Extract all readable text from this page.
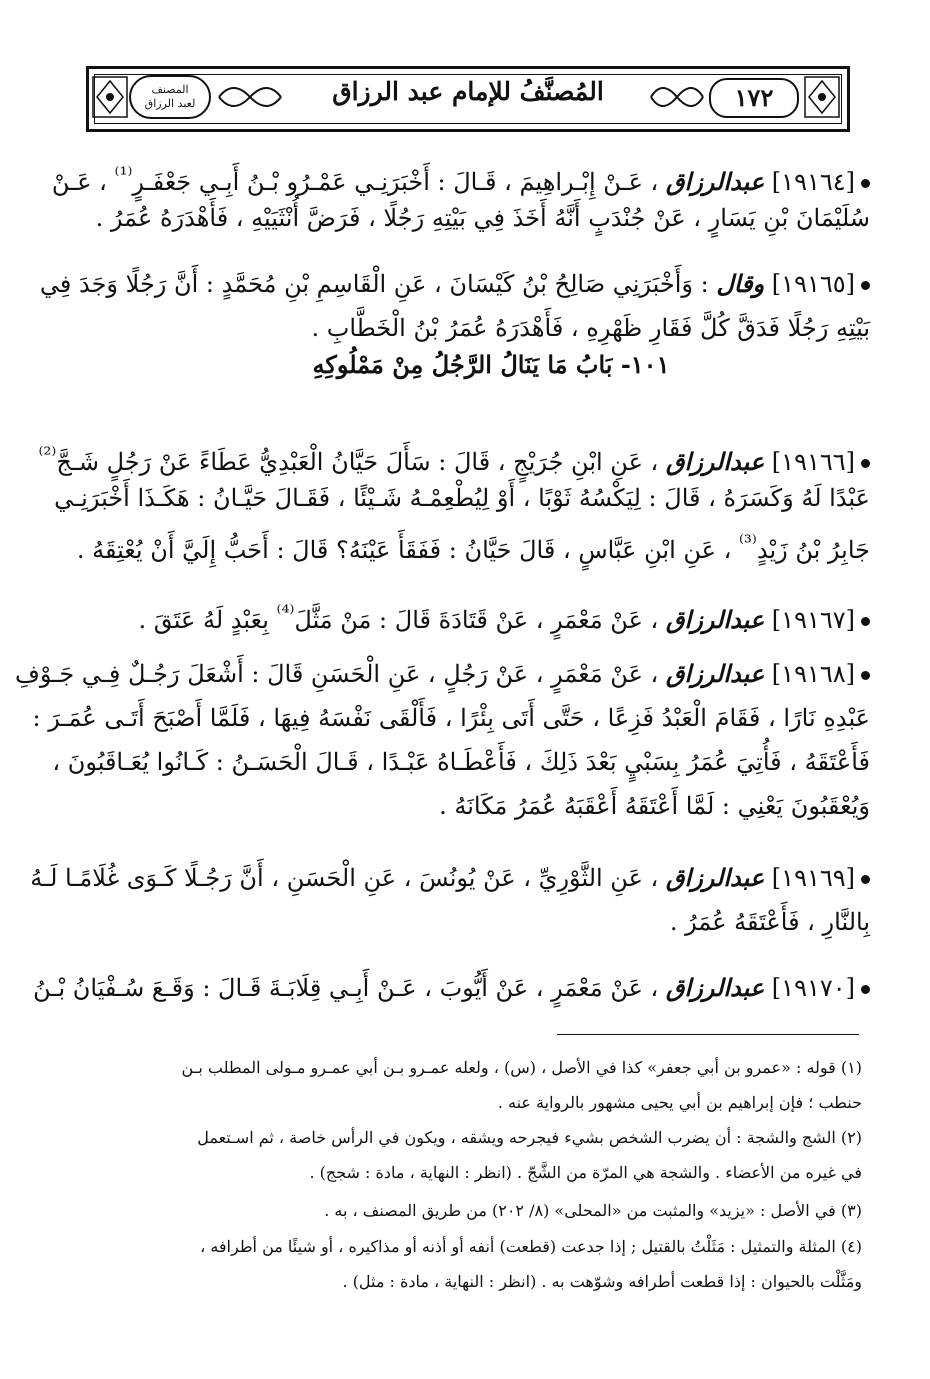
المصنف
لعبد الرزاق	المُصنَّفُ للإمام عبد الرزاق	١٧٢
[١٩١٦٤] عبدالرزاق ، عَـنْ إِبْـراهِيمَ ، قَـالَ : أَخْبَرَنِـي عَمْـرُو بْـنُ أَبِـي جَعْفَـرٍ$^{^{(1)}}$ ، عَـنْ
سُلَيْمَانَ بْنِ يَسَارٍ ، عَنْ جُنْدَبٍ أَنَّهُ أَخَذَ فِي بَيْتِهِ رَجُلًا ، فَرَضَّ أُنْثَيَيْهِ ، فَأَهْدَرَهُ عُمَرُ .
[١٩١٦٥] وقال : وَأَخْبَرَنِي صَالِحُ بْنُ كَيْسَانَ ، عَنِ الْقَاسِمِ بْنِ مُحَمَّدٍ : أَنَّ رَجُلًا وَجَدَ فِي
بَيْتِهِ رَجُلًا فَدَقَّ كُلَّ فَقَارِ ظَهْرِهِ ، فَأَهْدَرَهُ عُمَرُ بْنُ الْخَطَّابِ .
١٠١- بَابُ مَا يَنَالُ الرَّجُلُ مِنْ مَمْلُوكِهِ
[١٩١٦٦] عبدالرزاق ، عَنِ ابْنِ جُرَيْجٍ ، قَالَ : سَأَلَ حَيَّانُ الْعَبْدِيُّ عَطَاءً عَنْ رَجُلٍ شَـجَّ$^{^{(2)}}$
عَبْدًا لَهُ وَكَسَرَهُ ، قَالَ : لِيَكْسُهُ ثَوْبًا ، أَوْ لِيُطْعِمْـهُ شَـيْئًا ، فَقَـالَ حَيَّـانُ : هَكَـذَا أَخْبَرَنِـي
جَابِرُ بْنُ زَيْدٍ$^{^{(3)}}$ ، عَنِ ابْنِ عَبَّاسٍ ، قَالَ حَيَّانُ : فَفَقَأَ عَيْنَهُ؟ قَالَ : أَحَبُّ إِلَيَّ أَنْ يُعْتِقَهُ .
[١٩١٦٧] عبدالرزاق ، عَنْ مَعْمَرٍ ، عَنْ قَتَادَةَ قَالَ : مَنْ مَثَّلَ$^{^{(4)}}$ بِعَبْدٍ لَهُ عَتَقَ .
[١٩١٦٨] عبدالرزاق ، عَنْ مَعْمَرٍ ، عَنْ رَجُلٍ ، عَنِ الْحَسَنِ قَالَ : أَشْعَلَ رَجُـلٌ فِـي جَـوْفِ
عَبْدِهِ نَارًا ، فَقَامَ الْعَبْدُ فَزِعًا ، حَتَّى أَتَى بِئْرًا ، فَأَلْقَى نَفْسَهُ فِيهَا ، فَلَمَّا أَصْبَحَ أَتَـى عُمَـرَ :
فَأَعْتَقَهُ ، فَأُتِيَ عُمَرُ بِسَبْيٍ بَعْدَ ذَلِكَ ، فَأَعْطَـاهُ عَبْـدًا ، قَـالَ الْحَسَـنُ : كَـانُوا يُعَـاقَبُونَ ،
وَيُعْقَبُونَ يَعْنِي : لَمَّا أَعْتَقَهُ أَعْقَبَهُ عُمَرُ مَكَانَهُ .
[١٩١٦٩] عبدالرزاق ، عَنِ الثَّوْرِيِّ ، عَنْ يُونُسَ ، عَنِ الْحَسَنِ ، أَنَّ رَجُـلًا كَـوَى غُلَامًـا لَـهُ
بِالنَّارِ ، فَأَعْتَقَهُ عُمَرُ .
[١٩١٧٠] عبدالرزاق ، عَنْ مَعْمَرٍ ، عَنْ أَيُّوبَ ، عَـنْ أَبِـي قِلَابَـةَ قَـالَ : وَقَـعَ سُـفْيَانُ بْـنُ
(١) قوله : «عمرو بن أبي جعفر» كذا في الأصل ، (س) ، ولعله عمـرو بـن أبي عمـرو مـولى المطلب بـن
حنطب ؛ فإن إبراهيم بن أبي يحيى مشهور بالرواية عنه .
(٢) الشج والشجة : أن يضرب الشخص بشيء فيجرحه ويشقه ، ويكون في الرأس خاصة ، ثم اسـتعمل
في غيره من الأعضاء . والشجة هي المرّة من الشَّجّ . (انظر : النهاية ، مادة : شجج) .
(٣) في الأصل : «يزيد» والمثبت من «المحلى» (٨/ ٢٠٢) من طريق المصنف ، به .
(٤) المثلة والتمثيل : مَثَلْتُ بالقتيل ; إذا جدعت (قطعت) أنفه أو أذنه أو مذاكيره ، أو شيئًا من أطرافه ،
ومَثَّلْت بالحيوان : إذا قطعت أطرافه وشوّهت به . (انظر : النهاية ، مادة : مثل) .
